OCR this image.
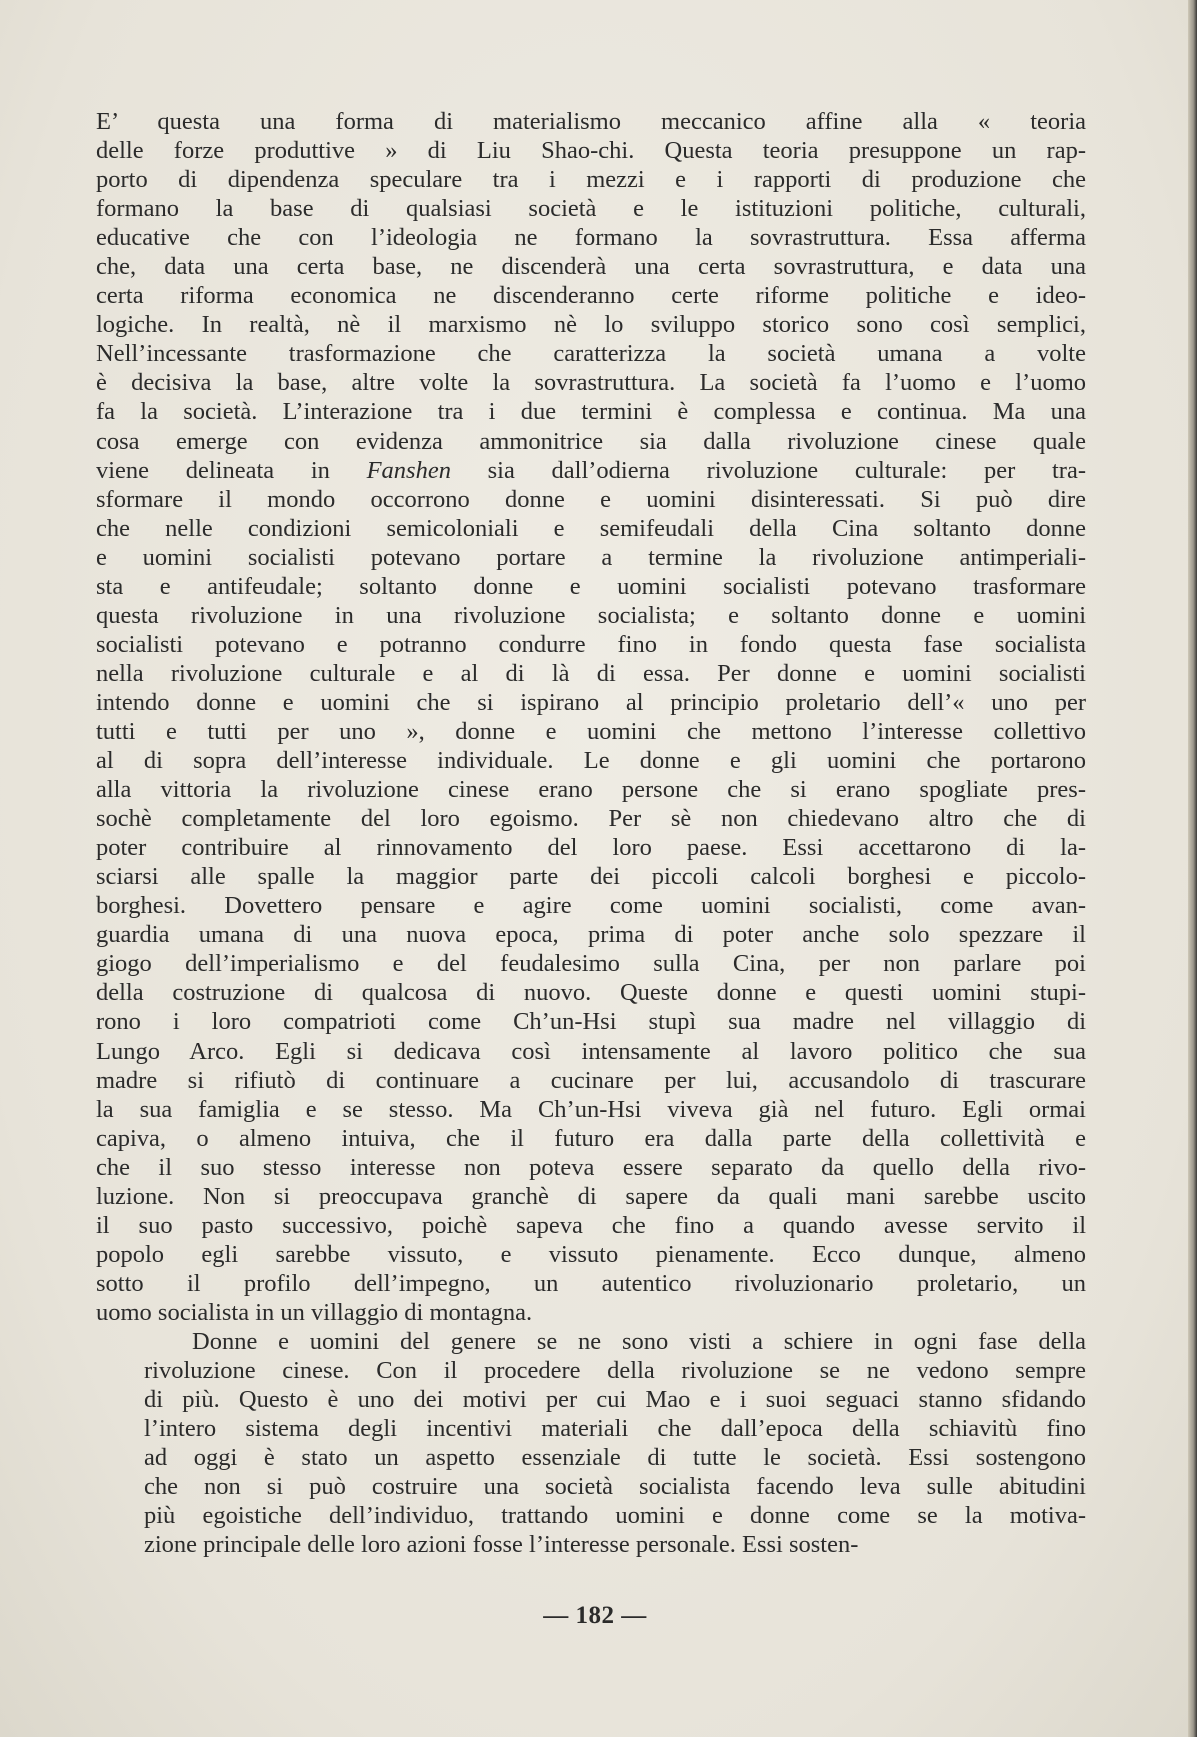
E’ questa una forma di materialismo meccanico affine alla « teoria
delle forze produttive » di Liu Shao-chi. Questa teoria presuppone un rap-
porto di dipendenza speculare tra i mezzi e i rapporti di produzione che
formano la base di qualsiasi società e le istituzioni politiche, culturali,
educative che con l’ideologia ne formano la sovrastruttura. Essa afferma
che, data una certa base, ne discenderà una certa sovrastruttura, e data una
certa riforma economica ne discenderanno certe riforme politiche e ideo-
logiche. In realtà, nè il marxismo nè lo sviluppo storico sono così semplici,
Nell’incessante trasformazione che caratterizza la società umana a volte
è decisiva la base, altre volte la sovrastruttura. La società fa l’uomo e l’uomo
fa la società. L’interazione tra i due termini è complessa e continua. Ma una
cosa emerge con evidenza ammonitrice sia dalla rivoluzione cinese quale
viene delineata in Fanshen sia dall’odierna rivoluzione culturale: per tra-
sformare il mondo occorrono donne e uomini disinteressati. Si può dire
che nelle condizioni semicoloniali e semifeudali della Cina soltanto donne
e uomini socialisti potevano portare a termine la rivoluzione antimperiali-
sta e antifeudale; soltanto donne e uomini socialisti potevano trasformare
questa rivoluzione in una rivoluzione socialista; e soltanto donne e uomini
socialisti potevano e potranno condurre fino in fondo questa fase socialista
nella rivoluzione culturale e al di là di essa. Per donne e uomini socialisti
intendo donne e uomini che si ispirano al principio proletario dell’« uno per
tutti e tutti per uno », donne e uomini che mettono l’interesse collettivo
al di sopra dell’interesse individuale. Le donne e gli uomini che portarono
alla vittoria la rivoluzione cinese erano persone che si erano spogliate pres-
sochè completamente del loro egoismo. Per sè non chiedevano altro che di
poter contribuire al rinnovamento del loro paese. Essi accettarono di la-
sciarsi alle spalle la maggior parte dei piccoli calcoli borghesi e piccolo-
borghesi. Dovettero pensare e agire come uomini socialisti, come avan-
guardia umana di una nuova epoca, prima di poter anche solo spezzare il
giogo dell’imperialismo e del feudalesimo sulla Cina, per non parlare poi
della costruzione di qualcosa di nuovo. Queste donne e questi uomini stupi-
rono i loro compatrioti come Ch’un-Hsi stupì sua madre nel villaggio di
Lungo Arco. Egli si dedicava così intensamente al lavoro politico che sua
madre si rifiutò di continuare a cucinare per lui, accusandolo di trascurare
la sua famiglia e se stesso. Ma Ch’un-Hsi viveva già nel futuro. Egli ormai
capiva, o almeno intuiva, che il futuro era dalla parte della collettività e
che il suo stesso interesse non poteva essere separato da quello della rivo-
luzione. Non si preoccupava granchè di sapere da quali mani sarebbe uscito
il suo pasto successivo, poichè sapeva che fino a quando avesse servito il
popolo egli sarebbe vissuto, e vissuto pienamente. Ecco dunque, almeno
sotto il profilo dell’impegno, un autentico rivoluzionario proletario, un
uomo socialista in un villaggio di montagna.
Donne e uomini del genere se ne sono visti a schiere in ogni fase della
rivoluzione cinese. Con il procedere della rivoluzione se ne vedono sempre
di più. Questo è uno dei motivi per cui Mao e i suoi seguaci stanno sfidando
l’intero sistema degli incentivi materiali che dall’epoca della schiavitù fino
ad oggi è stato un aspetto essenziale di tutte le società. Essi sostengono
che non si può costruire una società socialista facendo leva sulle abitudini
più egoistiche dell’individuo, trattando uomini e donne come se la motiva-
zione principale delle loro azioni fosse l’interesse personale. Essi sosten-
— 182 —
